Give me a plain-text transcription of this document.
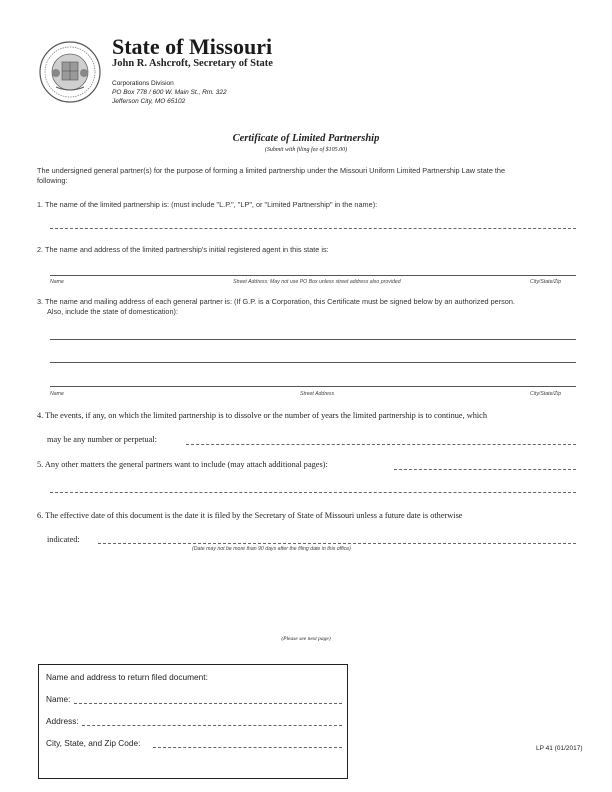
State of Missouri
John R. Ashcroft, Secretary of State
Corporations Division
PO Box 778 / 600 W. Main St., Rm. 322
Jefferson City, MO 65102
Certificate of Limited Partnership
(Submit with filing fee of $105.00)
The undersigned general partner(s) for the purpose of forming a limited partnership under the Missouri Uniform Limited Partnership Law state the
following:
1. The name of the limited partnership is: (must include "L.P.", "LP", or "Limited Partnership" in the name):
2. The name and address of the limited partnership's initial registered agent in this state is:
Name	Street Address: May not use PO Box unless street address also provided	City/State/Zip
3. The name and mailing address of each general partner is: (If G.P. is a Corporation, this Certificate must be signed below by an authorized person.
Also, include the state of domestication):
Name	Street Address	City/State/Zip
4. The events, if any, on which the limited partnership is to dissolve or the number of years the limited partnership is to continue, which
may be any number or perpetual:
5. Any other matters the general partners want to include (may attach additional pages):
6. The effective date of this document is the date it is filed by the Secretary of State of Missouri unless a future date is otherwise
indicated:
(Date may not be more than 90 days after the filing date in this office)
(Please see next page)
Name and address to return filed document:
Name:
Address:
City, State, and Zip Code:
LP 41 (01/2017)
